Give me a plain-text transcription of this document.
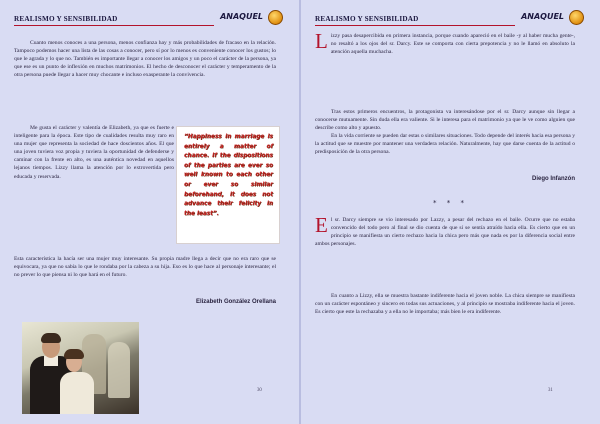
REALISMO Y SENSIBILIDAD	ANAQUEL

Cuanto menos conoces a una persona, menos confianza hay y más probabilidades de fracaso en la relación. Tampoco podemos hacer una lista de las cosas a conocer, pero sí por lo menos es conveniente conocer los gustos; lo que le agrada y lo que no. También es importante llegar a conocer los amigos y un poco el carácter de la persona, ya que ese es un punto de inflexión en muchos matrimonios. El hecho de desconocer el carácter y temperamento de la otra persona puede llegar a hacer muy chocante e incluso exasperante la convivencia.

Me gusta el carácter y valentía de Elizabeth, ya que es fuerte e inteligente para la época. Este tipo de cualidades resulta muy raro en una mujer que representa la sociedad de hace doscientos años. El que una joven tuviera voz propia y tuviera la oportunidad de defenderse y caminar con la frente en alto, es una auténtica novedad en aquellos lejanos tiempos. Lizzy llama la atención por lo extrovertida pero educada y reservada.

“Happiness in marriage is entirely a matter of chance. If the dispositions of the parties are ever so well known to each other or ever so similar beforehand, it does not advance their felicity in the least”.

Esta característica la hacía ser una mujer muy interesante. Su propia madre llega a decir que no era raro que se equivocara, ya que no sabía lo que le rondaba por la cabeza a su hija. Eso es lo que hace al personaje interesante; el no prever lo que piensa ni lo que hará en el futuro.

Elizabeth González Orellana
30
REALISMO Y SENSIBILIDAD	ANAQUEL

Lizzy pasa desapercibida en primera instancia, porque cuando apareció en el baile -y al haber mucha gente-, no resaltó a los ojos del sr. Darcy. Este se comporta con cierta prepotencia y no le llamó en absoluto la atención aquella muchacha.

Tras estos primeros encuentros, la protagonista va interesándose por el sr. Darcy aunque sin llegar a conocerse mutuamente. Sin duda ella era valiente. Si le interesa para el matrimonio ya que le ve como alguien que describe como alto y apuesto.

En la vida corriente se pueden dar estas o similares situaciones. Todo depende del interés hacia esa persona y la actitud que se muestre por mantener una verdadera relación. Naturalmente, hay que darse cuenta de la actitud o predisposición de la otra persona.

Diego Infanzón
* * *

El sr. Darcy siempre se vio interesado por Lazzy, a pesar del rechazo en el baile. Ocurre que no estaba convencido del todo pero al final se dio cuenta de que sí se sentía atraído hacia ella. Es cierto que en un principio se manifiesta un cierto rechazo hacia la chica pero más que nada es por la diferencia social entre ambos personajes.

En cuanto a Lizzy, ella se muestra bastante indiferente hacia el joven noble. La chica siempre se manifiesta con un carácter espontáneo y sincero en todas sus actuaciones, y al principio se mostraba indiferente hacia el joven. Es cierto que este la rechazaba y a ella no le importaba; más bien le era indiferente.

31
